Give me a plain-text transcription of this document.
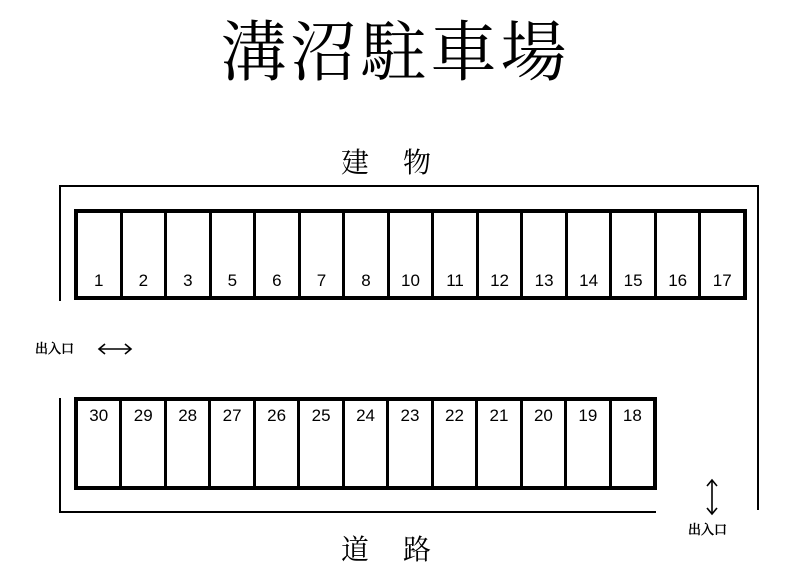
溝沼駐車場
建物
1	2	3	5	6	7	8	10	11	12	13	14	15	16	17
30	29	28	27	26	25	24	23	22	21	20	19	18
出入口
出入口
道路
